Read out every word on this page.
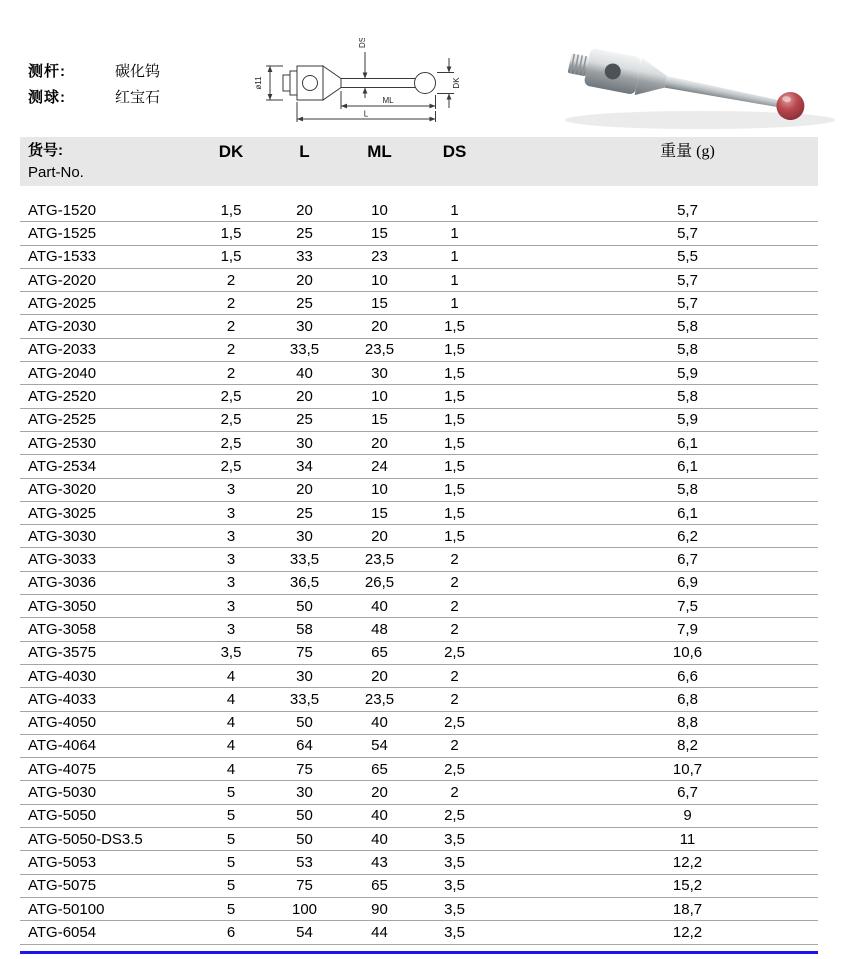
测杆:	碳化钨
测球:	红宝石
ø11
DS
DK
ML
L
货号:
Part-No.
DK	L	ML	DS	重量 (g)
ATG-1520	1,5	20	10	1	5,7
ATG-1525	1,5	25	15	1	5,7
ATG-1533	1,5	33	23	1	5,5
ATG-2020	2	20	10	1	5,7
ATG-2025	2	25	15	1	5,7
ATG-2030	2	30	20	1,5	5,8
ATG-2033	2	33,5	23,5	1,5	5,8
ATG-2040	2	40	30	1,5	5,9
ATG-2520	2,5	20	10	1,5	5,8
ATG-2525	2,5	25	15	1,5	5,9
ATG-2530	2,5	30	20	1,5	6,1
ATG-2534	2,5	34	24	1,5	6,1
ATG-3020	3	20	10	1,5	5,8
ATG-3025	3	25	15	1,5	6,1
ATG-3030	3	30	20	1,5	6,2
ATG-3033	3	33,5	23,5	2	6,7
ATG-3036	3	36,5	26,5	2	6,9
ATG-3050	3	50	40	2	7,5
ATG-3058	3	58	48	2	7,9
ATG-3575	3,5	75	65	2,5	10,6
ATG-4030	4	30	20	2	6,6
ATG-4033	4	33,5	23,5	2	6,8
ATG-4050	4	50	40	2,5	8,8
ATG-4064	4	64	54	2	8,2
ATG-4075	4	75	65	2,5	10,7
ATG-5030	5	30	20	2	6,7
ATG-5050	5	50	40	2,5	9
ATG-5050-DS3.5	5	50	40	3,5	11
ATG-5053	5	53	43	3,5	12,2
ATG-5075	5	75	65	3,5	15,2
ATG-50100	5	100	90	3,5	18,7
ATG-6054	6	54	44	3,5	12,2
